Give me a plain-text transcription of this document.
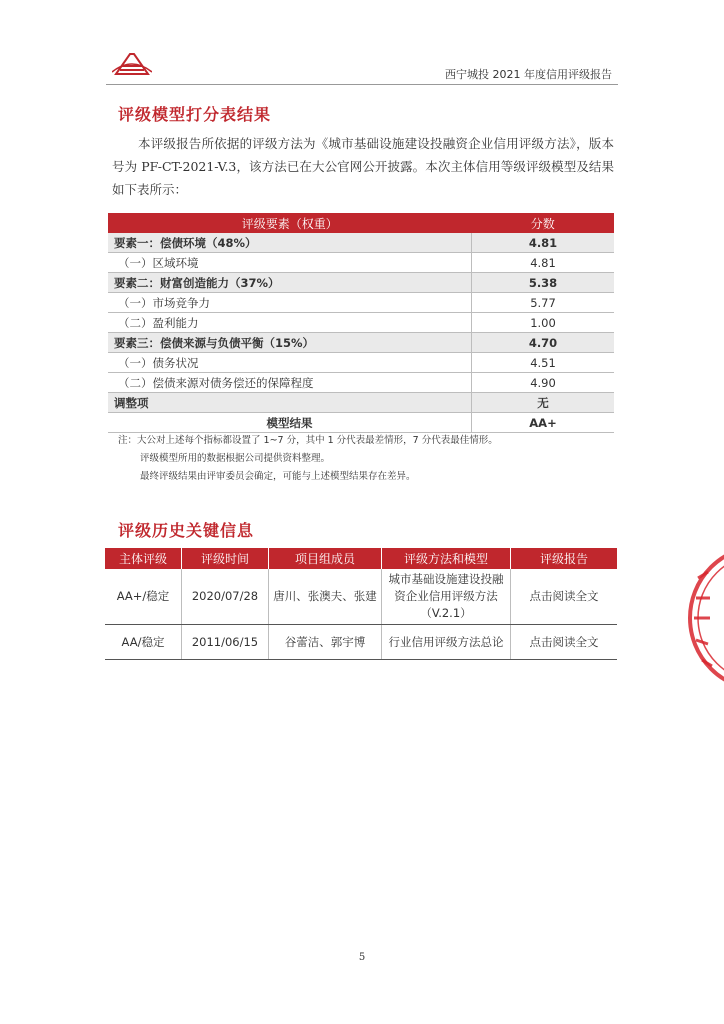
西宁城投 2021 年度信用评级报告
评级模型打分表结果
本评级报告所依据的评级方法为《城市基础设施建设投融资企业信用评级方法》，版本号为 PF-CT-2021-V.3，该方法已在大公官网公开披露。本次主体信用等级评级模型及结果如下表所示：
评级要素（权重）	分数
要素一：偿债环境（48%）	4.81
（一）区域环境	4.81
要素二：财富创造能力（37%）	5.38
（一）市场竞争力	5.77
（二）盈利能力	1.00
要素三：偿债来源与负债平衡（15%）	4.70
（一）债务状况	4.51
（二）偿债来源对债务偿还的保障程度	4.90
调整项	无
模型结果	AA+
注：大公对上述每个指标都设置了 1~7 分，其中 1 分代表最差情形，7 分代表最佳情形。
评级模型所用的数据根据公司提供资料整理。
最终评级结果由评审委员会确定，可能与上述模型结果存在差异。
评级历史关键信息
主体评级	评级时间	项目组成员	评级方法和模型	评级报告
AA+/稳定	2020/07/28	唐川、张澳夫、张建	城市基础设施建设投融资企业信用评级方法（V.2.1）	点击阅读全文
AA/稳定	2011/06/15	谷蕾洁、郭宇博	行业信用评级方法总论	点击阅读全文
5
